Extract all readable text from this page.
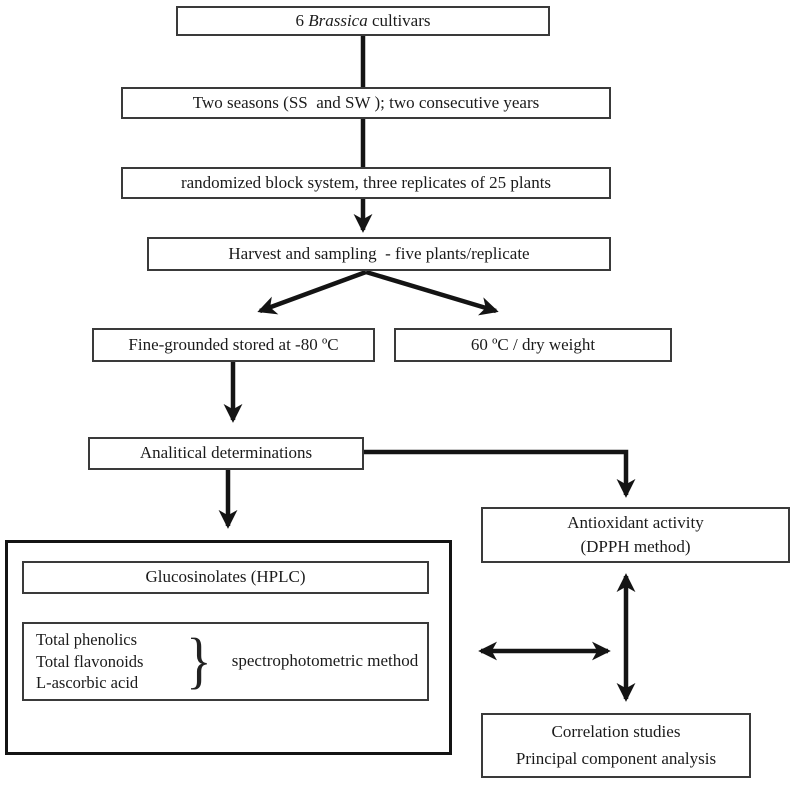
6 Brassica cultivars
Two seasons (SS  and SW ); two consecutive years
randomized block system, three replicates of 25 plants
Harvest and sampling  - five plants/replicate
Fine-grounded stored at -80 ºC	60 ºC / dry weight
Analitical determinations
Antioxidant activity
(DPPH method)
Glucosinolates (HPLC)
Total phenolics
Total flavonoids
L-ascorbic acid } spectrophotometric method
Correlation studies
Principal component analysis
